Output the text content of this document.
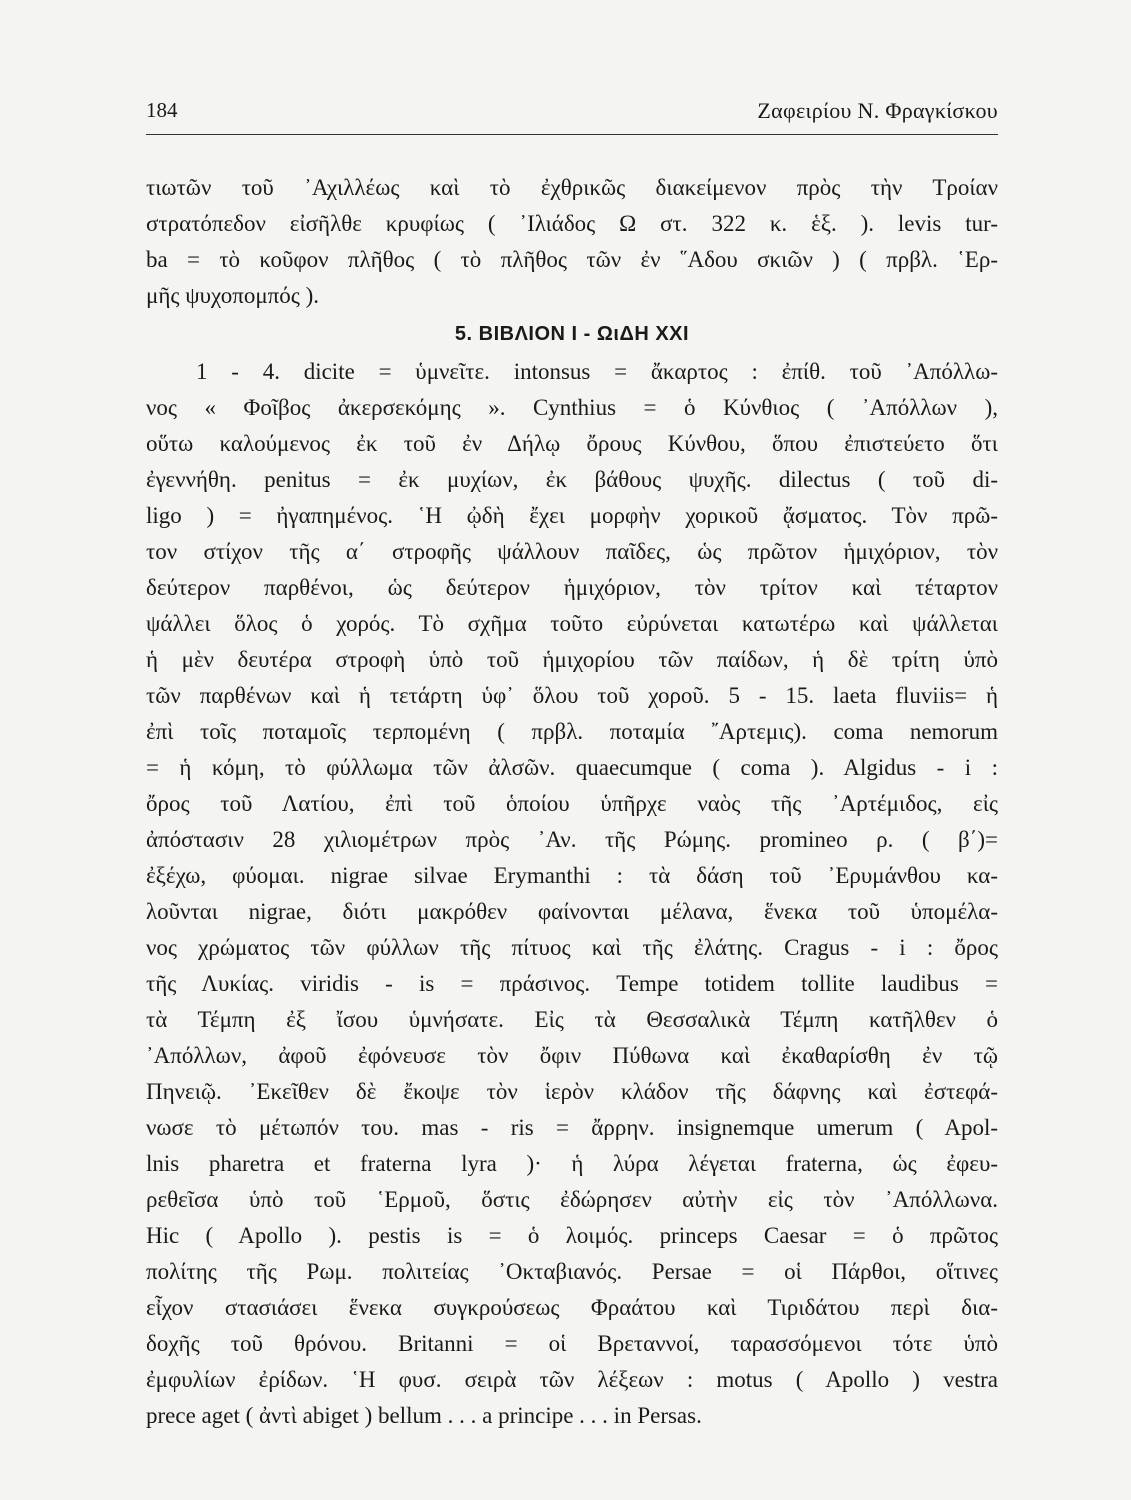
184	Ζαφειρίου Ν. Φραγκίσκου
τιωτῶν τοῦ ᾿Αχιλλέως καὶ τὸ ἐχθρικῶς διακείμενον πρὸς τὴν Τροίαν
στρατόπεδον εἰσῆλθε κρυφίως ( ᾿Ιλιάδος Ω στ. 322 κ. ἑξ. ). levis tur-
ba = τὸ κοῦφον πλῆθος ( τὸ πλῆθος τῶν ἐν ῞Αδου σκιῶν ) ( πρβλ. ῾Ερ-
μῆς ψυχοπομπός ).
5. ΒΙΒΛΙΟΝ Ι - ΩιΔΗ XXI
1 - 4. dicite = ὑμνεῖτε. intonsus = ἄκαρτος : ἐπίθ. τοῦ ᾿Απόλλω-
νος « Φοῖβος ἀκερσεκόμης ». Cynthius = ὁ Κύνθιος ( ᾿Απόλλων ),
οὕτω καλούμενος ἐκ τοῦ ἐν Δήλῳ ὄρους Κύνθου, ὅπου ἐπιστεύετο ὅτι
ἐγεννήθη. penitus = ἐκ μυχίων, ἐκ βάθους ψυχῆς. dilectus ( τοῦ di-
ligo ) = ἠγαπημένος. ῾Η ᾠδὴ ἔχει μορφὴν χορικοῦ ᾄσματος. Τὸν πρῶ-
τον στίχον τῆς α΄ στροφῆς ψάλλουν παῖδες, ὡς πρῶτον ἡμιχόριον, τὸν
δεύτερον παρθένοι, ὡς δεύτερον ἡμιχόριον, τὸν τρίτον καὶ τέταρτον
ψάλλει ὅλος ὁ χορός. Τὸ σχῆμα τοῦτο εὐρύνεται κατωτέρω καὶ ψάλλεται
ἡ μὲν δευτέρα στροφὴ ὑπὸ τοῦ ἡμιχορίου τῶν παίδων, ἡ δὲ τρίτη ὑπὸ
τῶν παρθένων καὶ ἡ τετάρτη ὑφ᾿ ὅλου τοῦ χοροῦ. 5 - 15. laeta fluviis= ἡ
ἐπὶ τοῖς ποταμοῖς τερπομένη ( πρβλ. ποταμία ῎Αρτεμις). coma nemorum
= ἡ κόμη, τὸ φύλλωμα τῶν ἀλσῶν. quaecumque ( coma ). Algidus - i :
ὄρος τοῦ Λατίου, ἐπὶ τοῦ ὁποίου ὑπῆρχε ναὸς τῆς ᾿Αρτέμιδος, εἰς
ἀπόστασιν 28 χιλιομέτρων πρὸς ᾿Αν. τῆς Ρώμης. promineo ρ. ( β΄)=
ἐξέχω, φύομαι. nigrae silvae Erymanthi : τὰ δάση τοῦ ᾿Ερυμάνθου κα-
λοῦνται nigrae, διότι μακρόθεν φαίνονται μέλανα, ἕνεκα τοῦ ὑπομέλα-
νος χρώματος τῶν φύλλων τῆς πίτυος καὶ τῆς ἐλάτης. Cragus - i : ὄρος
τῆς Λυκίας. viridis - is = πράσινος. Tempe totidem tollite laudibus =
τὰ Τέμπη ἐξ ἴσου ὑμνήσατε. Εἰς τὰ Θεσσαλικὰ Τέμπη κατῆλθεν ὁ
᾿Απόλλων, ἀφοῦ ἐφόνευσε τὸν ὄφιν Πύθωνα καὶ ἐκαθαρίσθη ἐν τῷ
Πηνειῷ. ᾿Εκεῖθεν δὲ ἔκοψε τὸν ἱερὸν κλάδον τῆς δάφνης καὶ ἐστεφά-
νωσε τὸ μέτωπόν του. mas - ris = ἄρρην. insignemque umerum ( Apol-
lnis pharetra et fraterna lyra )· ἡ λύρα λέγεται fraterna, ὡς ἐφευ-
ρεθεῖσα ὑπὸ τοῦ ῾Ερμοῦ, ὅστις ἐδώρησεν αὐτὴν εἰς τὸν ᾿Απόλλωνα.
Hic ( Apollo ). pestis is = ὁ λοιμός. princeps Caesar = ὁ πρῶτος
πολίτης τῆς Ρωμ. πολιτείας ᾿Οκταβιανός. Persae = οἱ Πάρθοι, οἵτινες
εἶχον στασιάσει ἕνεκα συγκρούσεως Φραάτου καὶ Τιριδάτου περὶ δια-
δοχῆς τοῦ θρόνου. Britanni = οἱ Βρεταννοί, ταρασσόμενοι τότε ὑπὸ
ἐμφυλίων ἐρίδων. ῾Η φυσ. σειρὰ τῶν λέξεων : motus ( Apollo ) vestra
prece aget ( ἀντὶ abiget ) bellum . . . a principe . . . in Persas.
